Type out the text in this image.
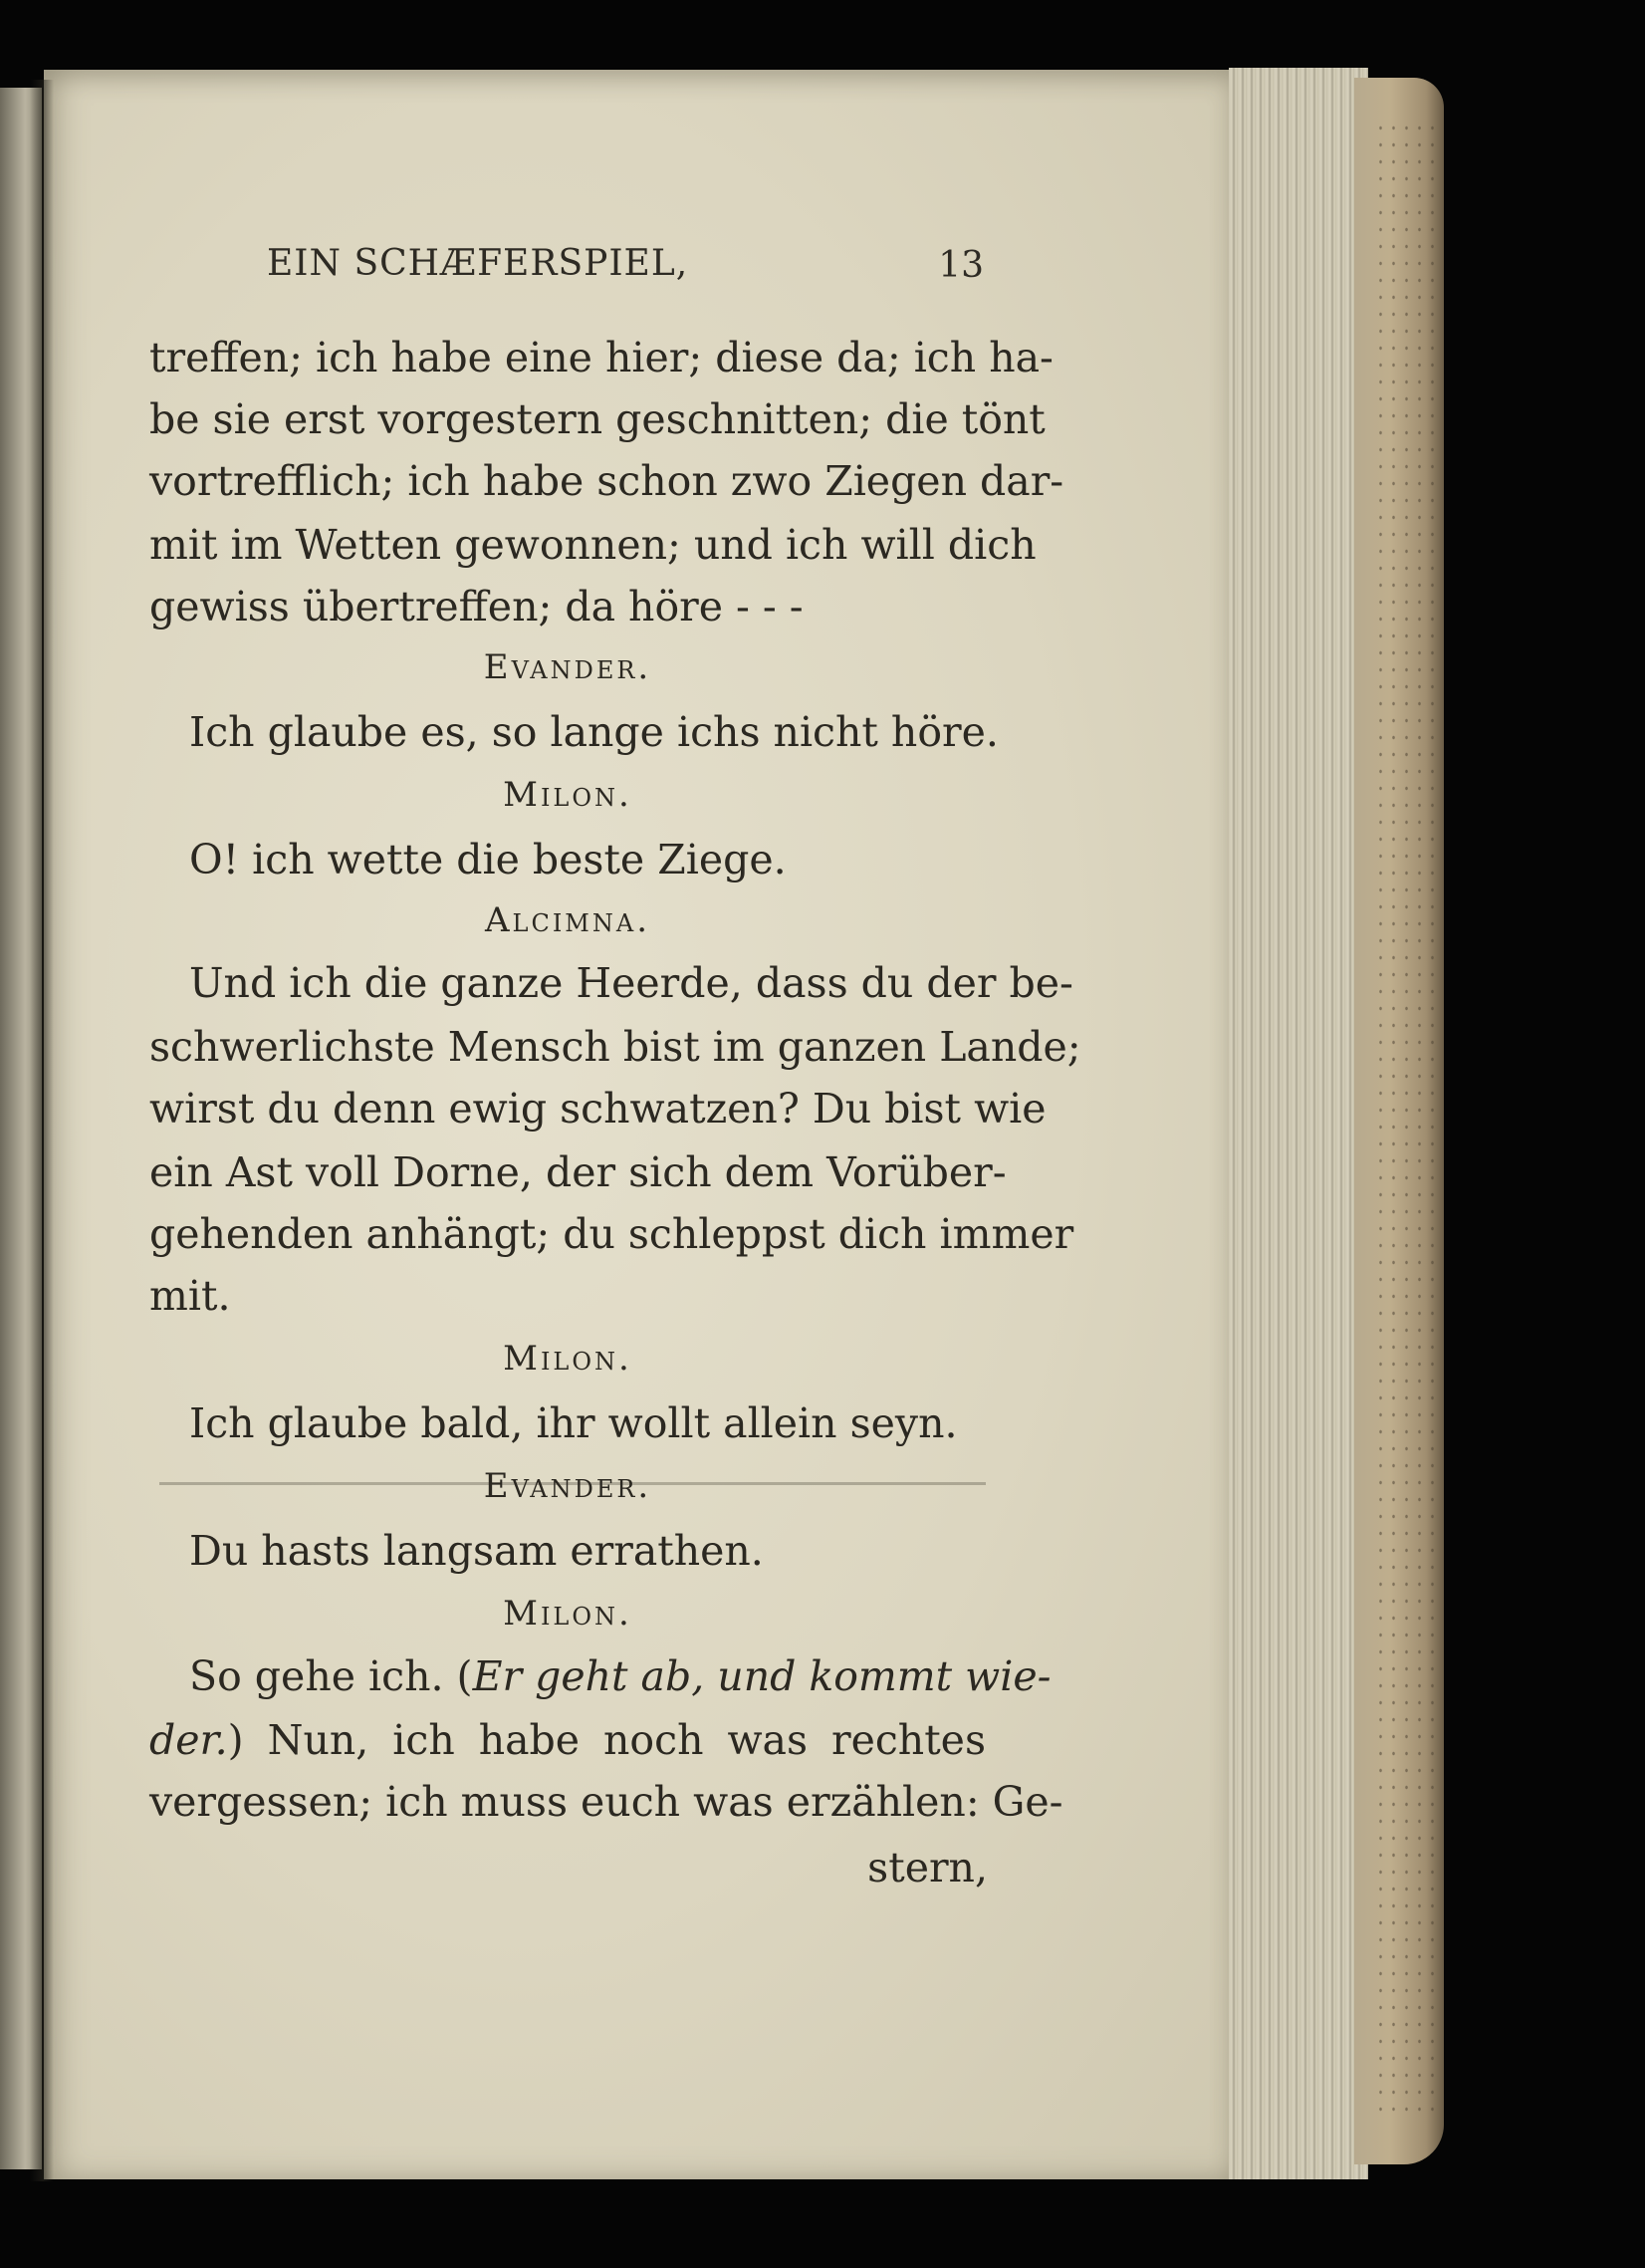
EIN SCHÆFERSPIEL,	13
treffen; ich habe eine hier; diese da; ich ha-
be sie erst vorgestern geschnitten; die tönt
vortrefflich; ich habe schon zwo Ziegen dar-
mit im Wetten gewonnen; und ich will dich
gewiss übertreffen; da höre - - -
Evander.
Ich glaube es, so lange ichs nicht höre.
Milon.
O! ich wette die beste Ziege.
Alcimna.
Und ich die ganze Heerde, dass du der be-
schwerlichste Mensch bist im ganzen Lande;
wirst du denn ewig schwatzen? Du bist wie
ein Ast voll Dorne, der sich dem Vorüber-
gehenden anhängt; du schleppst dich immer
mit.
Milon.
Ich glaube bald, ihr wollt allein seyn.
Evander.
Du hasts langsam errathen.
Milon.
So gehe ich. (Er geht ab, und kommt wie-
der.) Nun, ich habe noch was rechtes
vergessen; ich muss euch was erzählen: Ge-
stern,
